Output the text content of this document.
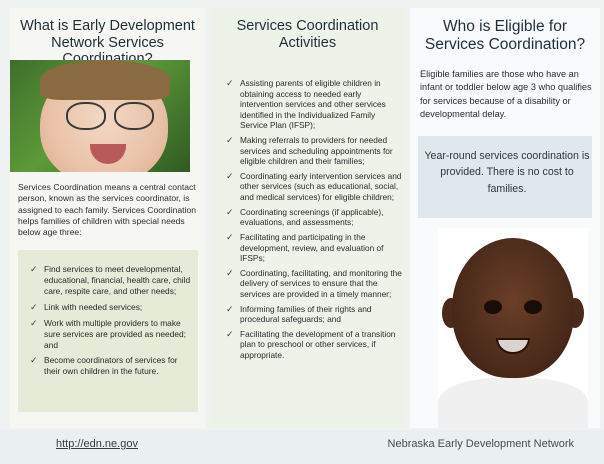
What is Early Development Network Services

Services Coordination means a central contact person, known as the services coordinator, is assigned to each family. Services Coordination helps families of children with special needs below age three:

✓ Find services to meet developmental, educational, financial, health care, child care, respite care, and other needs;
✓ Link with needed services;
✓ Work with multiple providers to make sure services are provided as needed; and
✓ Become coordinators of services for their own children in the future.
Services Coordination Activities
✓ Assisting parents of eligible children in obtaining access to needed early intervention services and other services identified in the Individualized Family Service Plan (IFSP);
✓ Making referrals to providers for needed services and scheduling appointments for eligible children and their families;
✓ Coordinating early intervention services and other services (such as educational, social, and medical services) for eligible children;
✓ Coordinating screenings (if applicable), evaluations, and assessments;
✓ Facilitating and participating in the development, review, and evaluation of IFSPs;
✓ Coordinating, facilitating, and monitoring the delivery of services to ensure that the services are provided in a timely manner;
✓ Informing families of their rights and procedural safeguards; and
✓ Facilitating the development of a transition plan to preschool or other services, if appropriate.
Who is Eligible for Services Coordination?

Eligible families are those who have an infant or toddler below age 3 who qualifies for services because of a disability or developmental delay.

Year-round services coordination is provided. There is no cost to families.

http://edn.ne.gov	Nebraska Early Development Network
